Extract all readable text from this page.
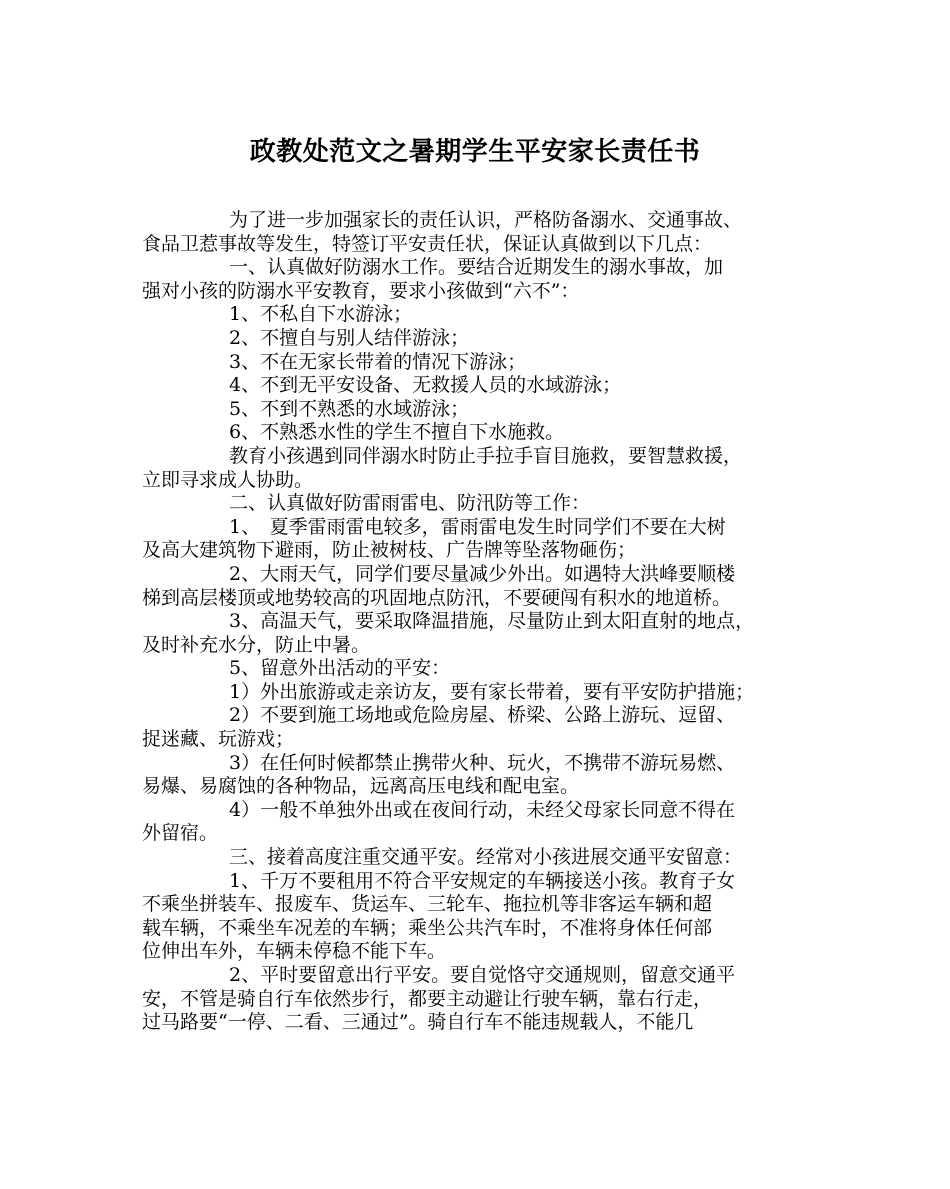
政教处范文之暑期学生平安家长责任书
为了进一步加强家长的责任认识，严格防备溺水、交通事故、
食品卫惹事故等发生，特签订平安责任状，保证认真做到以下几点：
一、认真做好防溺水工作。要结合近期发生的溺水事故，加
强对小孩的防溺水平安教育，要求小孩做到“六不”：
1、不私自下水游泳；
2、不擅自与别人结伴游泳；
3、不在无家长带着的情况下游泳；
4、不到无平安设备、无救援人员的水域游泳；
5、不到不熟悉的水域游泳；
6、不熟悉水性的学生不擅自下水施救。
教育小孩遇到同伴溺水时防止手拉手盲目施救，要智慧救援，
立即寻求成人协助。
二、认真做好防雷雨雷电、防汛防等工作：
1、　夏季雷雨雷电较多，雷雨雷电发生时同学们不要在大树
及高大建筑物下避雨，防止被树枝、广告牌等坠落物砸伤；
2、大雨天气，同学们要尽量减少外出。如遇特大洪峰要顺楼
梯到高层楼顶或地势较高的巩固地点防汛，不要硬闯有积水的地道桥。
3、高温天气，要采取降温措施，尽量防止到太阳直射的地点，
及时补充水分，防止中暑。
5、留意外出活动的平安：
1）外出旅游或走亲访友，要有家长带着，要有平安防护措施；
2）不要到施工场地或危险房屋、桥梁、公路上游玩、逗留、
捉迷藏、玩游戏；
3）在任何时候都禁止携带火种、玩火，不携带不游玩易燃、
易爆、易腐蚀的各种物品，远离高压电线和配电室。
4）一般不单独外出或在夜间行动，未经父母家长同意不得在
外留宿。
三、接着高度注重交通平安。经常对小孩进展交通平安留意：
1、千万不要租用不符合平安规定的车辆接送小孩。教育子女
不乘坐拼装车、报废车、货运车、三轮车、拖拉机等非客运车辆和超
载车辆，不乘坐车况差的车辆；乘坐公共汽车时，不准将身体任何部
位伸出车外，车辆未停稳不能下车。
2、平时要留意出行平安。要自觉恪守交通规则，留意交通平
安，不管是骑自行车依然步行，都要主动避让行驶车辆，靠右行走，
过马路要“一停、二看、三通过”。骑自行车不能违规载人，不能几
